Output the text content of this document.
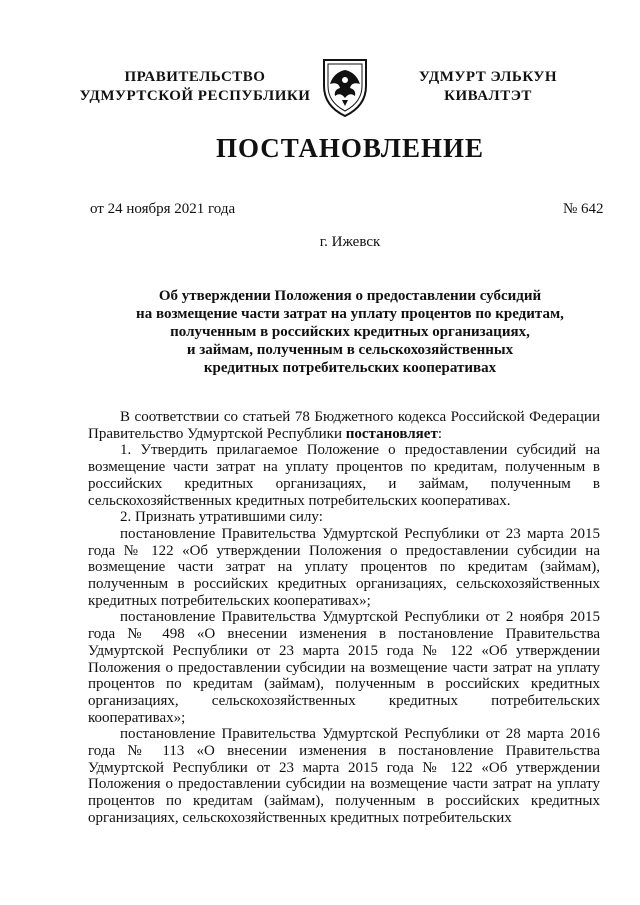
ПРАВИТЕЛЬСТВО
УДМУРТСКОЙ РЕСПУБЛИКИ
УДМУРТ ЭЛЬКУН
КИВАЛТЭТ
ПОСТАНОВЛЕНИЕ
от 24 ноября 2021 года	№ 642
г. Ижевск
Об утверждении Положения о предоставлении субсидий
на возмещение части затрат на уплату процентов по кредитам,
полученным в российских кредитных организациях,
и займам, полученным в сельскохозяйственных
кредитных потребительских кооперативах
В соответствии со статьей 78 Бюджетного кодекса Российской Федерации Правительство Удмуртской Республики постановляет:
1. Утвердить прилагаемое Положение о предоставлении субсидий на возмещение части затрат на уплату процентов по кредитам, полученным в российских кредитных организациях, и займам, полученным в сельскохозяйственных кредитных потребительских кооперативах.
2. Признать утратившими силу:
постановление Правительства Удмуртской Республики от 23 марта 2015 года № 122 «Об утверждении Положения о предоставлении субсидии на возмещение части затрат на уплату процентов по кредитам (займам), полученным в российских кредитных организациях, сельскохозяйственных кредитных потребительских кооперативах»;
постановление Правительства Удмуртской Республики от 2 ноября 2015 года № 498 «О внесении изменения в постановление Правительства Удмуртской Республики от 23 марта 2015 года № 122 «Об утверждении Положения о предоставлении субсидии на возмещение части затрат на уплату процентов по кредитам (займам), полученным в российских кредитных организациях, сельскохозяйственных кредитных потребительских кооперативах»;
постановление Правительства Удмуртской Республики от 28 марта 2016 года № 113 «О внесении изменения в постановление Правительства Удмуртской Республики от 23 марта 2015 года № 122 «Об утверждении Положения о предоставлении субсидии на возмещение части затрат на уплату процентов по кредитам (займам), полученным в российских кредитных организациях, сельскохозяйственных кредитных потребительских
